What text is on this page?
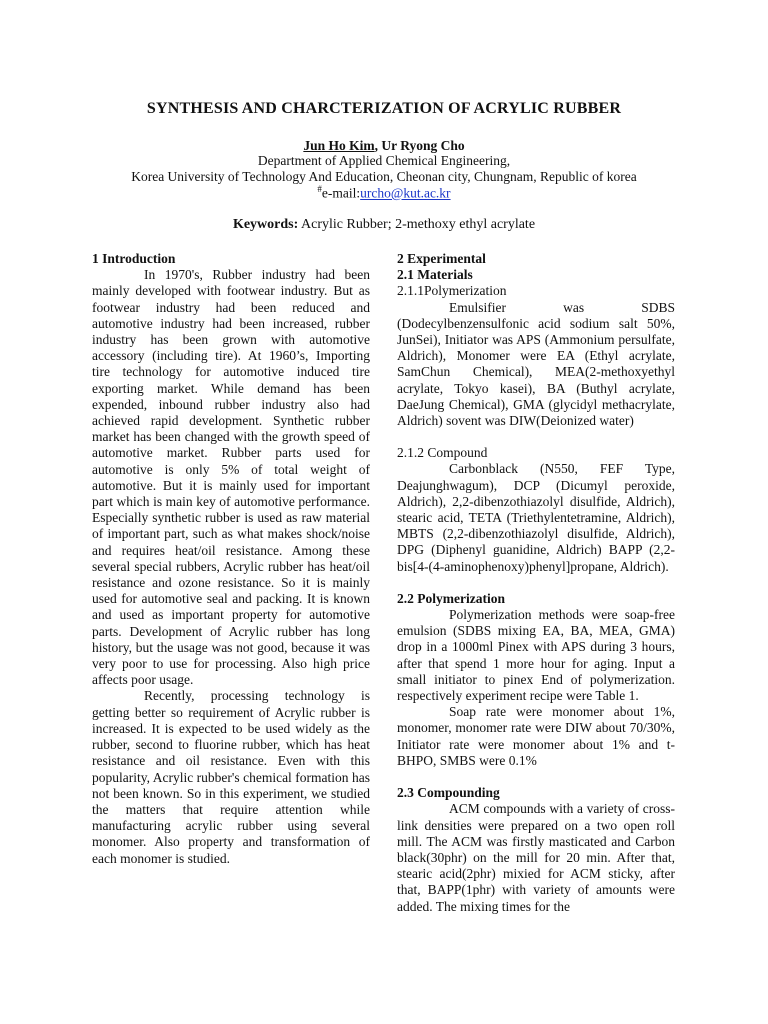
SYNTHESIS AND CHARCTERIZATION OF ACRYLIC RUBBER
Jun Ho Kim, Ur Ryong Cho
Department of Applied Chemical Engineering,
Korea University of Technology And Education, Cheonan city, Chungnam, Republic of korea
#e-mail:urcho@kut.ac.kr
Keywords: Acrylic Rubber; 2-methoxy ethyl acrylate
1 Introduction

In 1970's, Rubber industry had been mainly developed with footwear industry. But as footwear industry had been reduced and automotive industry had been increased, rubber industry has been grown with automotive accessory (including tire). At 1960’s, Importing tire technology for automotive induced tire exporting market. While demand has been expended, inbound rubber industry also had achieved rapid development. Synthetic rubber market has been changed with the growth speed of automotive market. Rubber parts used for automotive is only 5% of total weight of automotive. But it is mainly used for important part which is main key of automotive performance. Especially synthetic rubber is used as raw material of important part, such as what makes shock/noise and requires heat/oil resistance. Among these several special rubbers, Acrylic rubber has heat/oil resistance and ozone resistance. So it is mainly used for automotive seal and packing. It is known and used as important property for automotive parts. Development of Acrylic rubber has long history, but the usage was not good, because it was very poor to use for processing. Also high price affects poor usage.

Recently, processing technology is getting better so requirement of Acrylic rubber is increased. It is expected to be used widely as the rubber, second to fluorine rubber, which has heat resistance and oil resistance. Even with this popularity, Acrylic rubber's chemical formation has not been known. So in this experiment, we studied the matters that require attention while manufacturing acrylic rubber using several monomer. Also property and transformation of each monomer is studied.

2 Experimental
2.1 Materials
2.1.1Polymerization

Emulsifier was SDBS (Dodecylbenzensulfonic acid sodium salt 50%, JunSei), Initiator was APS (Ammonium persulfate, Aldrich), Monomer were EA (Ethyl acrylate, SamChun Chemical), MEA(2-methoxyethyl acrylate, Tokyo kasei), BA (Buthyl acrylate, DaeJung Chemical), GMA (glycidyl methacrylate, Aldrich) sovent was DIW(Deionized water)

2.1.2 Compound

Carbonblack (N550, FEF Type, Deajunghwagum), DCP (Dicumyl peroxide, Aldrich), 2,2-dibenzothiazolyl disulfide, Aldrich), stearic acid, TETA (Triethylentetramine, Aldrich), MBTS (2,2-dibenzothiazolyl disulfide, Aldrich), DPG (Diphenyl guanidine, Aldrich) BAPP (2,2-bis[4-(4-aminophenoxy)phenyl]propane, Aldrich).

2.2 Polymerization

Polymerization methods were soap-free emulsion (SDBS mixing EA, BA, MEA, GMA) drop in a 1000ml Pinex with APS during 3 hours, after that spend 1 more hour for aging. Input a small initiator to pinex End of polymerization. respectively experiment recipe were Table 1.

Soap rate were monomer about 1%, monomer, monomer rate were DIW about 70/30%, Initiator rate were monomer about 1% and t-BHPO, SMBS were 0.1%

2.3 Compounding

ACM compounds with a variety of cross-link densities were prepared on a two open roll mill. The ACM was firstly masticated and Carbon black(30phr) on the mill for 20 min. After that, stearic acid(2phr) mixied for ACM sticky, after that, BAPP(1phr) with variety of amounts were added. The mixing times for the
